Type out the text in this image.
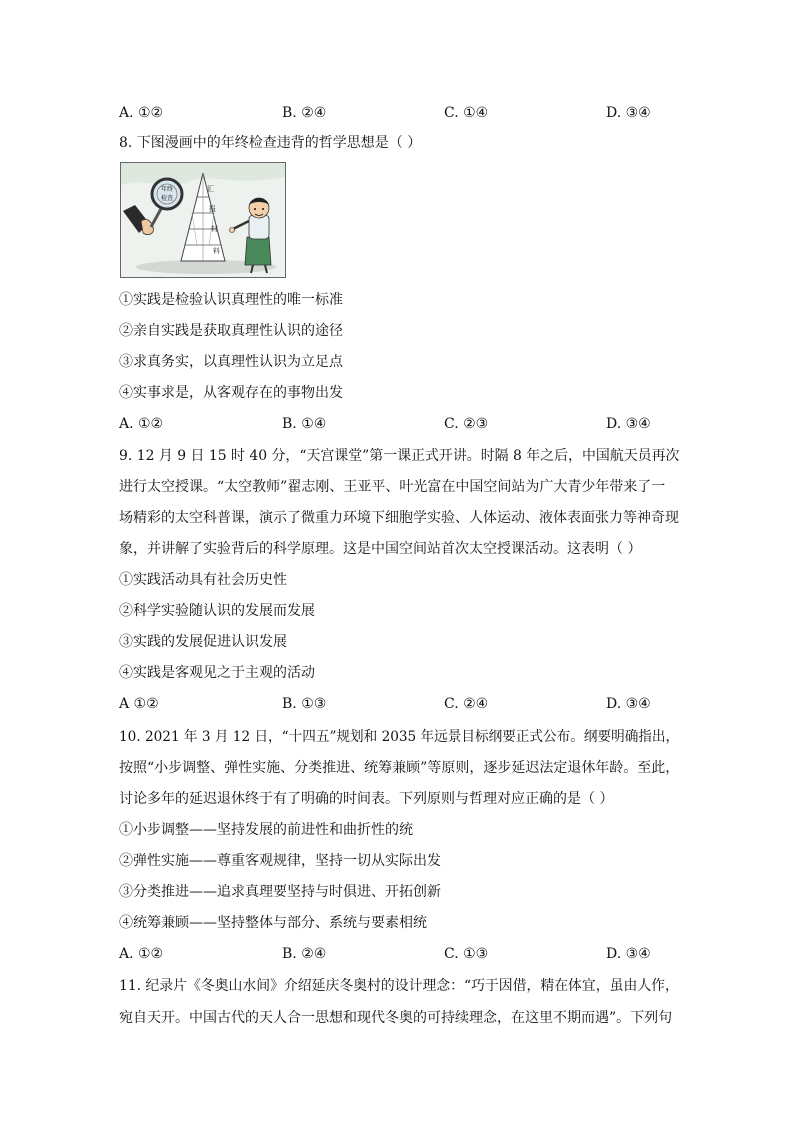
A. ①②	B. ②④	C. ①④	D. ③④
8. 下图漫画中的年终检查违背的哲学思想是（ ）
年终
检查
汇
报
材
料
①实践是检验认识真理性的唯一标准
②亲自实践是获取真理性认识的途径
③求真务实，以真理性认识为立足点
④实事求是，从客观存在的事物出发
A. ①②	B. ①④	C. ②③	D. ③④
9. 12 月 9 日 15 时 40 分，“天宫课堂”第一课正式开讲。时隔 8 年之后，中国航天员再次
进行太空授课。“太空教师”翟志刚、王亚平、叶光富在中国空间站为广大青少年带来了一
场精彩的太空科普课，演示了微重力环境下细胞学实验、人体运动、液体表面张力等神奇现
象，并讲解了实验背后的科学原理。这是中国空间站首次太空授课活动。这表明（ ）
①实践活动具有社会历史性
②科学实验随认识的发展而发展
③实践的发展促进认识发展
④实践是客观见之于主观的活动
A ①②	B. ①③	C. ②④	D. ③④
10. 2021 年 3 月 12 日，“十四五”规划和 2035 年远景目标纲要正式公布。纲要明确指出，
按照“小步调整、弹性实施、分类推进、统筹兼顾”等原则，逐步延迟法定退休年龄。至此，
讨论多年的延迟退休终于有了明确的时间表。下列原则与哲理对应正确的是（ ）
①小步调整——坚持发展的前进性和曲折性的统
②弹性实施——尊重客观规律，坚持一切从实际出发
③分类推进——追求真理要坚持与时俱进、开拓创新
④统筹兼顾——坚持整体与部分、系统与要素相统
A. ①②	B. ②④	C. ①③	D. ③④
11. 纪录片《冬奥山水间》介绍延庆冬奥村的设计理念：“巧于因借，精在体宜，虽由人作，
宛自天开。中国古代的天人合一思想和现代冬奥的可持续理念，在这里不期而遇”。下列句
